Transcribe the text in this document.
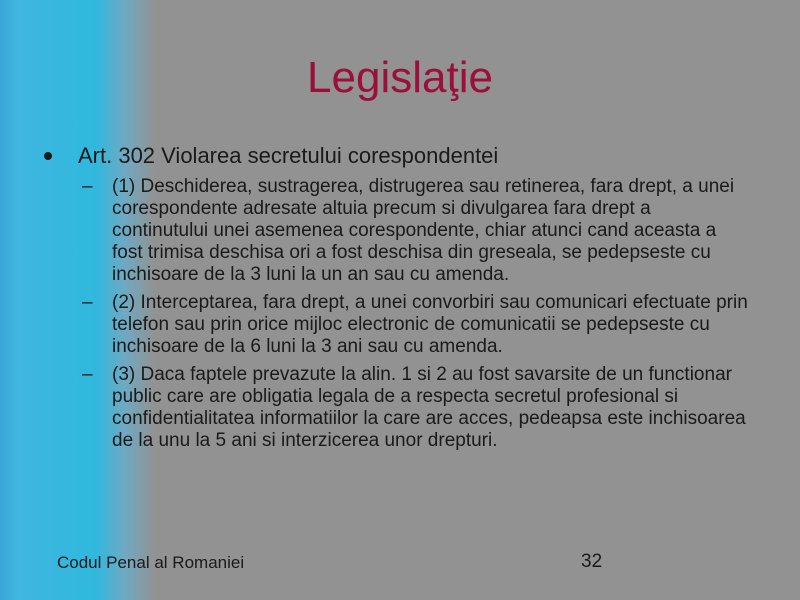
Legislaţie
Art. 302 Violarea secretului corespondentei
– (1) Deschiderea, sustragerea, distrugerea sau retinerea, fara drept, a unei corespondente adresate altuia precum si divulgarea fara drept a continutului unei asemenea corespondente, chiar atunci cand aceasta a fost trimisa deschisa ori a fost deschisa din greseala, se pedepseste cu inchisoare de la 3 luni la un an sau cu amenda.
– (2) Interceptarea, fara drept, a unei convorbiri sau comunicari efectuate prin telefon sau prin orice mijloc electronic de comunicatii se pedepseste cu inchisoare de la 6 luni la 3 ani sau cu amenda.
– (3) Daca faptele prevazute la alin. 1 si 2 au fost savarsite de un functionar public care are obligatia legala de a respecta secretul profesional si confidentialitatea informatiilor la care are acces, pedeapsa este inchisoarea de la unu la 5 ani si interzicerea unor drepturi.
Codul Penal al Romaniei	32
